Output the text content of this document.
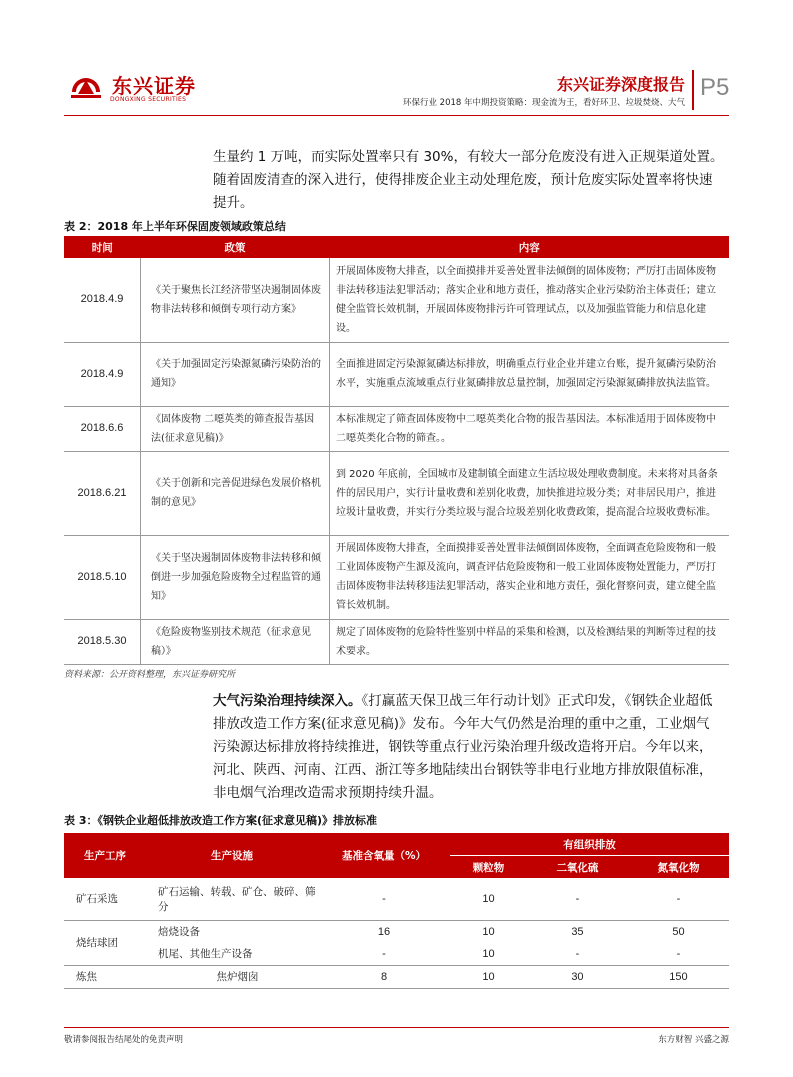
东兴证券
DONGXING SECURITIES
东兴证券深度报告
环保行业 2018 年中期投资策略：现金流为王，看好环卫、垃圾焚烧、大气
P5
生量约 1 万吨，而实际处置率只有 30%，有较大一部分危废没有进入正规渠道处置。
随着固废清查的深入进行，使得排废企业主动处理危废，预计危废实际处置率将快速
提升。
表 2：2018 年上半年环保固废领域政策总结
时间	政策	内容
2018.4.9	《关于聚焦长江经济带坚决遏制固体废物非法转移和倾倒专项行动方案》	开展固体废物大排查，以全面摸排并妥善处置非法倾倒的固体废物；严厉打击固体废物非法转移违法犯罪活动；落实企业和地方责任，推动落实企业污染防治主体责任；建立健全监管长效机制，开展固体废物排污许可管理试点，以及加强监管能力和信息化建设。
2018.4.9	《关于加强固定污染源氮磷污染防治的通知》	全面推进固定污染源氮磷达标排放，明确重点行业企业并建立台账，提升氮磷污染防治水平，实施重点流域重点行业氮磷排放总量控制，加强固定污染源氮磷排放执法监管。
2018.6.6	《固体废物 二噁英类的筛查报告基因法(征求意见稿)》	本标准规定了筛查固体废物中二噁英类化合物的报告基因法。本标准适用于固体废物中二噁英类化合物的筛查。。
2018.6.21	《关于创新和完善促进绿色发展价格机制的意见》	到 2020 年底前，全国城市及建制镇全面建立生活垃圾处理收费制度。未来将对具备条件的居民用户，实行计量收费和差别化收费，加快推进垃圾分类；对非居民用户，推进垃圾计量收费，并实行分类垃圾与混合垃圾差别化收费政策，提高混合垃圾收费标准。
2018.5.10	《关于坚决遏制固体废物非法转移和倾倒进一步加强危险废物全过程监管的通知》	开展固体废物大排查，全面摸排妥善处置非法倾倒固体废物，全面调查危险废物和一般工业固体废物产生源及流向，调查评估危险废物和一般工业固体废物处置能力，严厉打击固体废物非法转移违法犯罪活动，落实企业和地方责任，强化督察问责，建立健全监管长效机制。
2018.5.30	《危险废物鉴别技术规范（征求意见稿）》	规定了固体废物的危险特性鉴别中样品的采集和检测，以及检测结果的判断等过程的技术要求。
资料来源：公开资料整理，东兴证券研究所
大气污染治理持续深入。《打赢蓝天保卫战三年行动计划》正式印发，《钢铁企业超低
排放改造工作方案(征求意见稿)》发布。今年大气仍然是治理的重中之重，工业烟气
污染源达标排放将持续推进，钢铁等重点行业污染治理升级改造将开启。今年以来，
河北、陕西、河南、江西、浙江等多地陆续出台钢铁等非电行业地方排放限值标准，
非电烟气治理改造需求预期持续升温。
表 3：《钢铁企业超低排放改造工作方案(征求意见稿)》排放标准
生产工序	生产设施	基准含氧量（%）	有组织排放		
			颗粒物	二氧化硫	氮氧化物
矿石采选	矿石运输、转载、矿仓、破碎、筛分	-	10	-	-
烧结球团	焙烧设备	16	10	35	50
	机尾、其他生产设备	-	10	-	-
炼焦	焦炉烟囱	8	10	30	150
敬请参阅报告结尾处的免责声明	东方财智 兴盛之源
